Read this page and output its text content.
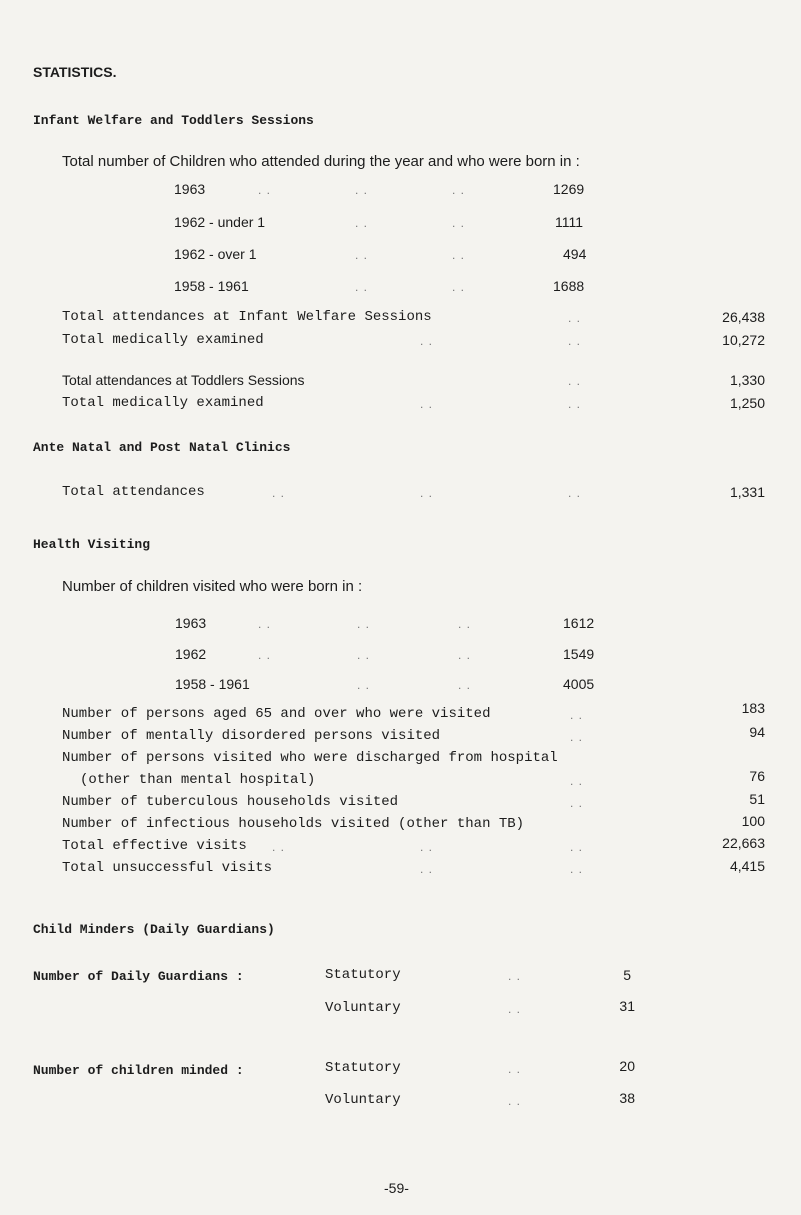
STATISTICS.
Infant Welfare and Toddlers Sessions
Total number of Children who attended during the year and who were born in :
1963	. .	. .	. .	1269
1962 - under 1	. .	. .	1111
1962 - over 1	. .	. .	494
1958 - 1961	. .	. .	1688
Total attendances at Infant Welfare Sessions	. .	26,438
Total medically examined	. .	. .	10,272
Total attendances at Toddlers Sessions	. .	1,330
Total medically examined	. .	. .	1,250
Ante Natal and Post Natal Clinics
Total attendances	. .	. .	. .	1,331
Health Visiting
Number of children visited who were born in :
1963	. .	. .	. .	1612
1962	. .	. .	. .	1549
1958 - 1961	. .	. .	4005
Number of persons aged 65 and over who were visited	. .	183
Number of mentally disordered persons visited	. .	94
Number of persons visited who were discharged from hospital
(other than mental hospital)	. .	76
Number of tuberculous households visited	. .	51
Number of infectious households visited (other than TB)	100
Total effective visits . .	. .	. .	22,663
Total unsuccessful visits	. .	. .	4,415
Child Minders (Daily Guardians)
Number of Daily Guardians :	Statutory	. .	5
Voluntary	. .	31
Number of children minded :	Statutory	. .	20
Voluntary	. .	38
-59-
